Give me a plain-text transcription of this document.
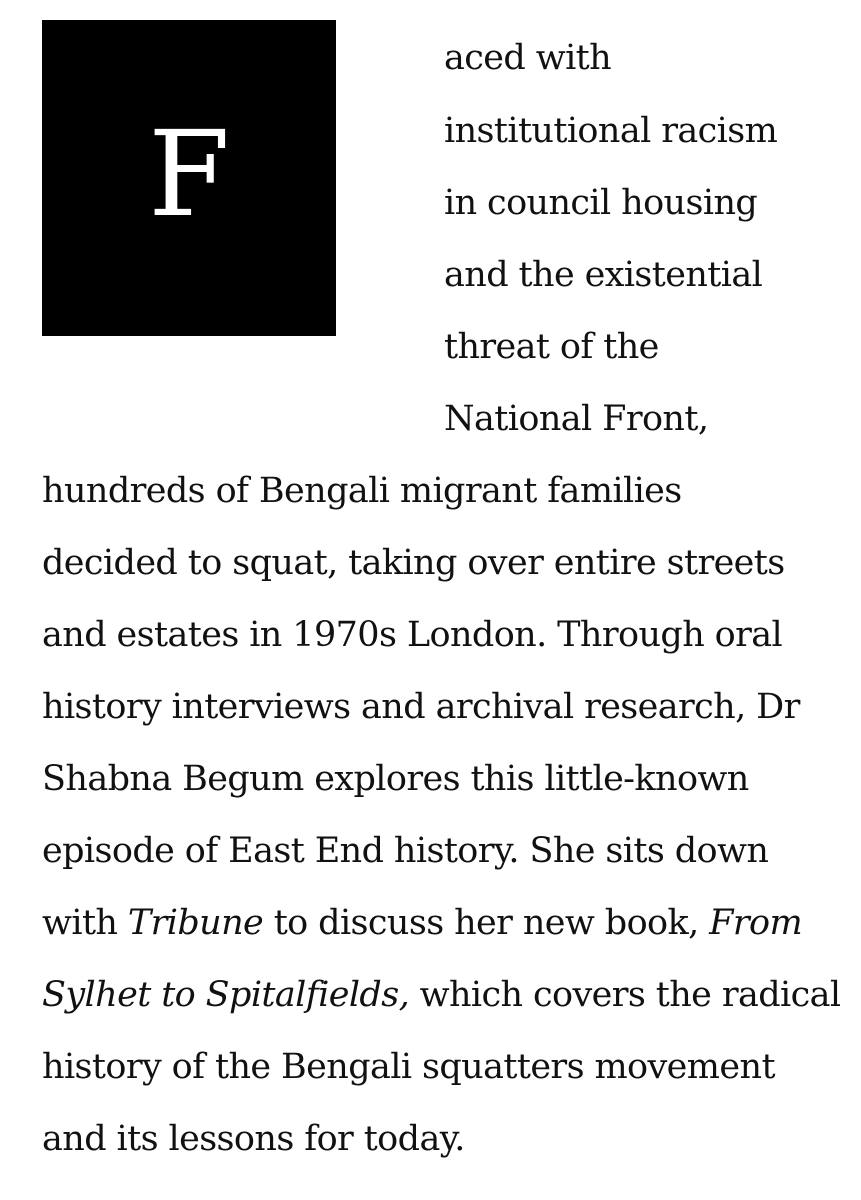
F
aced with
institutional racism
in council housing
and the existential
threat of the
National Front,
hundreds of Bengali migrant families
decided to squat, taking over entire streets
and estates in 1970s London. Through oral
history interviews and archival research, Dr
Shabna Begum explores this little-known
episode of East End history. She sits down
with Tribune to discuss her new book, From
Sylhet to Spitalfields, which covers the radical
history of the Bengali squatters movement
and its lessons for today.
